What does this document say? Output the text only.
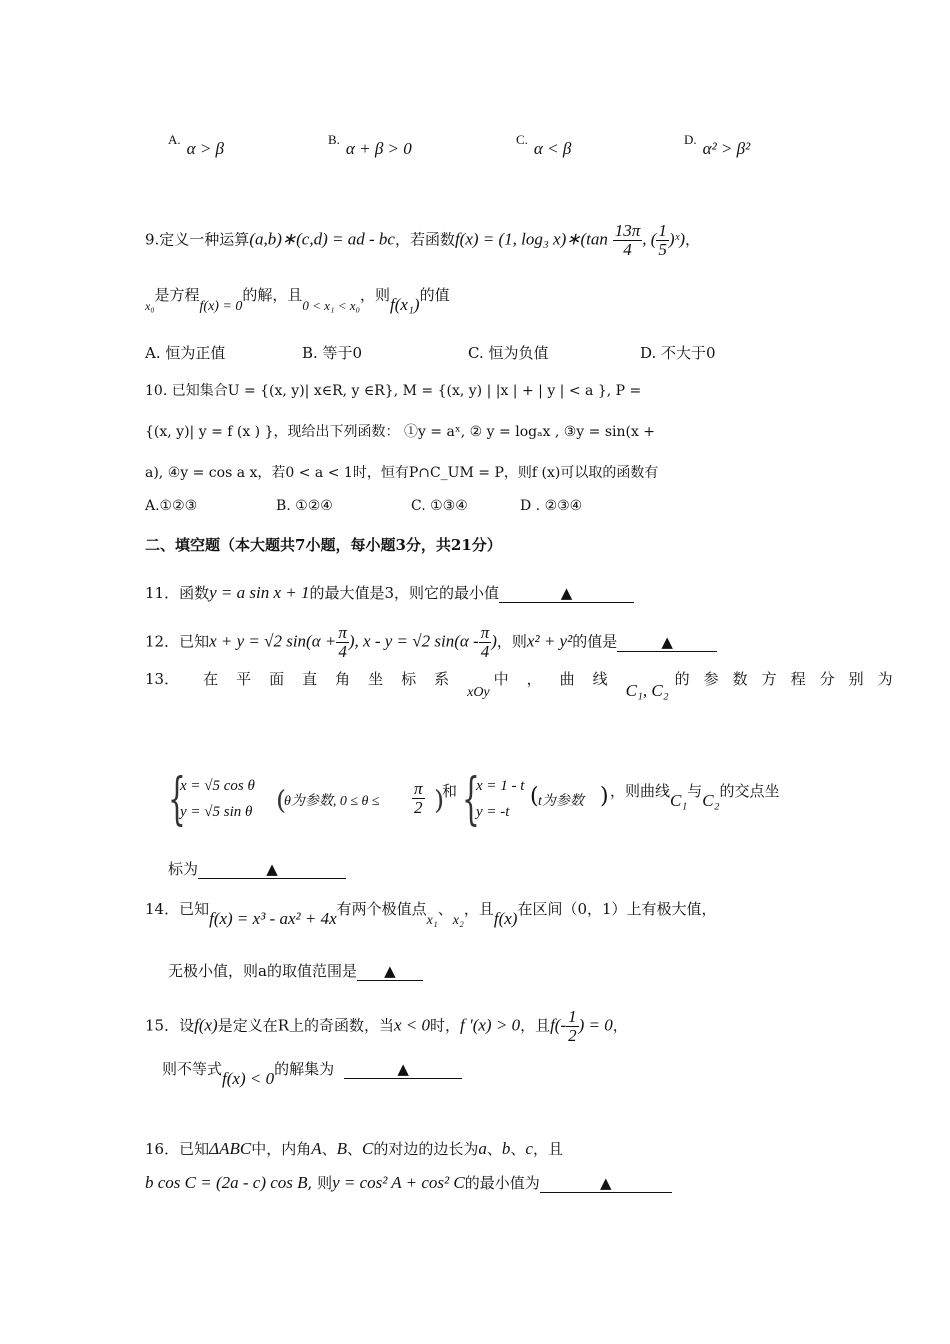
A. α > β	B. α + β > 0	C. α < β	D. α² > β²
9.定义一种运算(a,b)∗(c,d) = ad - bc，若函数f(x) = (1, log₃ x)∗(tan $\frac{13\pi}{4}$ , ( $\frac{1}{5}$ )ˣ)，
$_{x_0}$是方程f(x) = 0的解，且0 < x₁ < x₀，则f(x₁)的值
A. 恒为正值	B. 等于0	C. 恒为负值	D. 不大于0
10. 已知集合U = {(x, y)| x∈R, y ∈R}, M = {(x, y) | |x | + | y | < a }, P =
{(x, y)| y = f (x ) }，现给出下列函数： ①y = aˣ, ② y = logₐx , ③y = sin(x +
a), ④y = cos a x，若0 < a < 1时，恒有P∩C_UM = P，则f (x)可以取的函数有
A.①②③	B. ①②④	C. ①③④	D . ②③④
二、填空题（本大题共7小题，每小题3分，共21分）
11．函数y = a sin x + 1的最大值是3，则它的最小值	▲
12．已知x + y = √2 $\sin(\alpha + \frac{\pi}{4}$ ), x - y = √2 $\sin(\alpha - \frac{\pi}{4}$ )，则x² + y²的值是	▲
13． 在平面直角坐标系xOy中，曲线C₁, C₂的参数方程分别为
{
x = √5 cos θ
y = √5 sin θ (
θ为参数, $0 \le \theta \le \frac{\pi}{2}$ )
和 {
x = 1 - t
y = -t
( t为参数 ) ，则曲线C₁与C₂的交点坐
标为	▲
14．已知f(x) = x³ - ax² + 4x有两个极值点x₁、x₂，且f(x)在区间（0，1）上有极大值，
无极小值，则a的取值范围是 ▲
15．设f(x)是定义在R上的奇函数，当x < 0时，f ′(x) > 0，且$f(- \frac{1}{2}$ ) = 0，
则不等式f(x) < 0的解集为	▲
16．已知ΔABC中，内角A、B、C的对边的边长为a、b、c，且
b cos C = (2a - c) cos B, 则y = cos² A + cos² C的最小值为	▲
